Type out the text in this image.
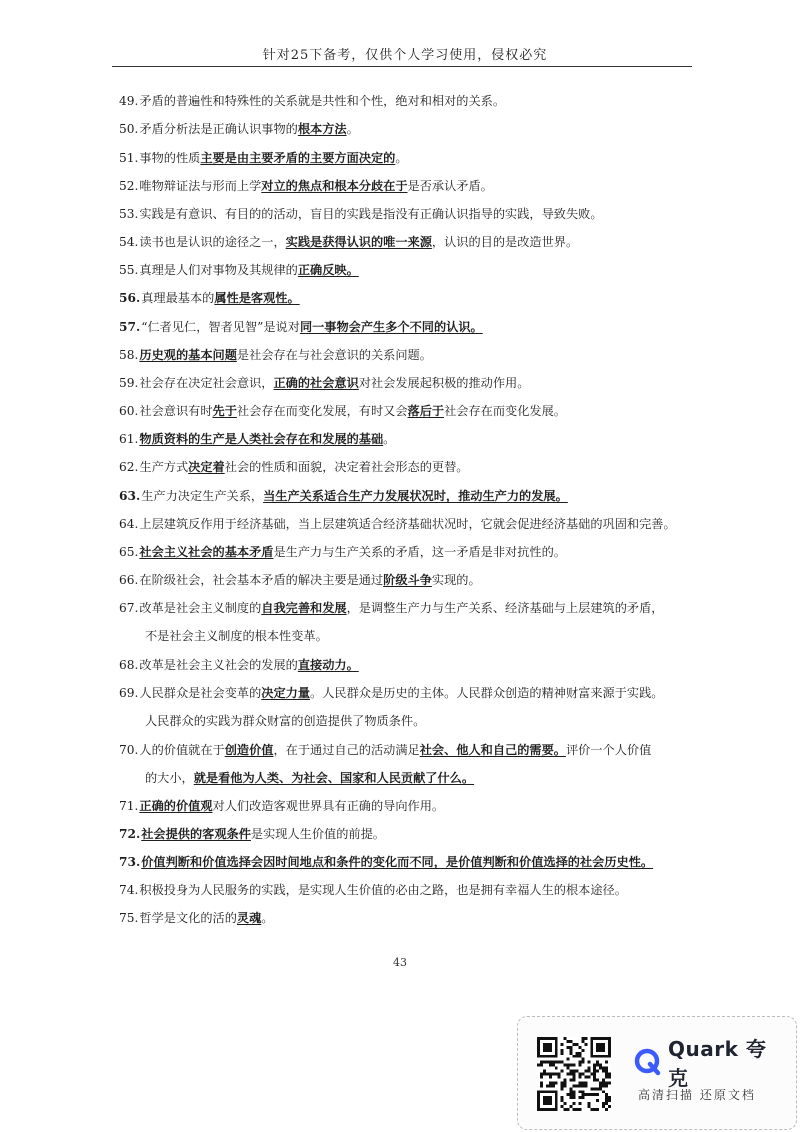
针对25下备考，仅供个人学习使用，侵权必究
49.矛盾的普遍性和特殊性的关系就是共性和个性，绝对和相对的关系。
50.矛盾分析法是正确认识事物的根本方法。
51.事物的性质主要是由主要矛盾的主要方面决定的。
52.唯物辩证法与形而上学对立的焦点和根本分歧在于是否承认矛盾。
53.实践是有意识、有目的的活动，盲目的实践是指没有正确认识指导的实践，导致失败。
54.读书也是认识的途径之一，实践是获得认识的唯一来源，认识的目的是改造世界。
55.真理是人们对事物及其规律的正确反映。
56.真理最基本的属性是客观性。
57.“仁者见仁，智者见智”是说对同一事物会产生多个不同的认识。
58.历史观的基本问题是社会存在与社会意识的关系问题。
59.社会存在决定社会意识，正确的社会意识对社会发展起积极的推动作用。
60.社会意识有时先于社会存在而变化发展，有时又会落后于社会存在而变化发展。
61.物质资料的生产是人类社会存在和发展的基础。
62.生产方式决定着社会的性质和面貌，决定着社会形态的更替。
63.生产力决定生产关系，当生产关系适合生产力发展状况时，推动生产力的发展。
64.上层建筑反作用于经济基础，当上层建筑适合经济基础状况时，它就会促进经济基础的巩固和完善。
65.社会主义社会的基本矛盾是生产力与生产关系的矛盾，这一矛盾是非对抗性的。
66.在阶级社会，社会基本矛盾的解决主要是通过阶级斗争实现的。
67.改革是社会主义制度的自我完善和发展，是调整生产力与生产关系、经济基础与上层建筑的矛盾，
不是社会主义制度的根本性变革。
68.改革是社会主义社会的发展的直接动力。
69.人民群众是社会变革的决定力量。人民群众是历史的主体。人民群众创造的精神财富来源于实践。
人民群众的实践为群众财富的创造提供了物质条件。
70.人的价值就在于创造价值，在于通过自己的活动满足社会、他人和自己的需要。评价一个人价值
的大小，就是看他为人类、为社会、国家和人民贡献了什么。
71.正确的价值观对人们改造客观世界具有正确的导向作用。
72.社会提供的客观条件是实现人生价值的前提。
73.价值判断和价值选择会因时间地点和条件的变化而不同，是价值判断和价值选择的社会历史性。
74.积极投身为人民服务的实践，是实现人生价值的必由之路，也是拥有幸福人生的根本途径。
75.哲学是文化的活的灵魂。
43
Quark 夸克
高清扫描 还原文档
